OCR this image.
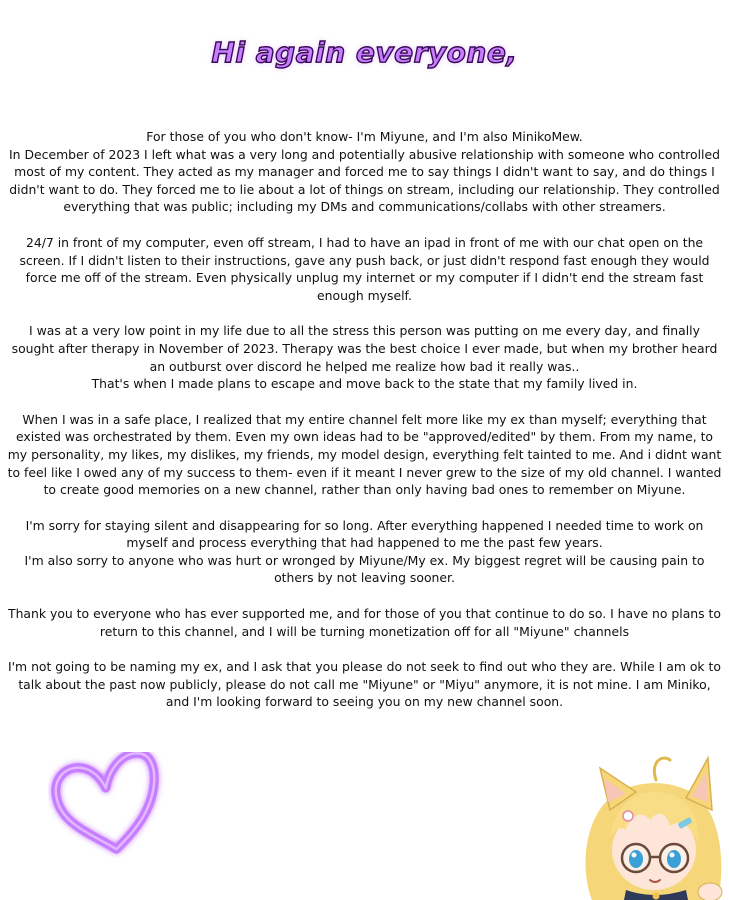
Hi again everyone,

For those of you who don't know- I'm Miyune, and I'm also MinikoMew.
In December of 2023 I left what was a very long and potentially abusive relationship with someone who controlled most of my content. They acted as my manager and forced me to say things I didn't want to say, and do things I didn't want to do. They forced me to lie about a lot of things on stream, including our relationship. They controlled everything that was public; including my DMs and communications/collabs with other streamers.

24/7 in front of my computer, even off stream, I had to have an ipad in front of me with our chat open on the screen. If I didn't listen to their instructions, gave any push back, or just didn't respond fast enough they would force me off of the stream. Even physically unplug my internet or my computer if I didn't end the stream fast enough myself.

I was at a very low point in my life due to all the stress this person was putting on me every day, and finally sought after therapy in November of 2023. Therapy was the best choice I ever made, but when my brother heard an outburst over discord he helped me realize how bad it really was..
That's when I made plans to escape and move back to the state that my family lived in.

When I was in a safe place, I realized that my entire channel felt more like my ex than myself; everything that existed was orchestrated by them. Even my own ideas had to be "approved/edited" by them. From my name, to my personality, my likes, my dislikes, my friends, my model design, everything felt tainted to me. And i didnt want to feel like I owed any of my success to them- even if it meant I never grew to the size of my old channel. I wanted to create good memories on a new channel, rather than only having bad ones to remember on Miyune.

I'm sorry for staying silent and disappearing for so long. After everything happened I needed time to work on myself and process everything that had happened to me the past few years.
I'm also sorry to anyone who was hurt or wronged by Miyune/My ex. My biggest regret will be causing pain to others by not leaving sooner.

Thank you to everyone who has ever supported me, and for those of you that continue to do so. I have no plans to return to this channel, and I will be turning monetization off for all "Miyune" channels

I'm not going to be naming my ex, and I ask that you please do not seek to find out who they are. While I am ok to talk about the past now publicly, please do not call me "Miyune" or "Miyu" anymore, it is not mine. I am Miniko, and I'm looking forward to seeing you on my new channel soon.
